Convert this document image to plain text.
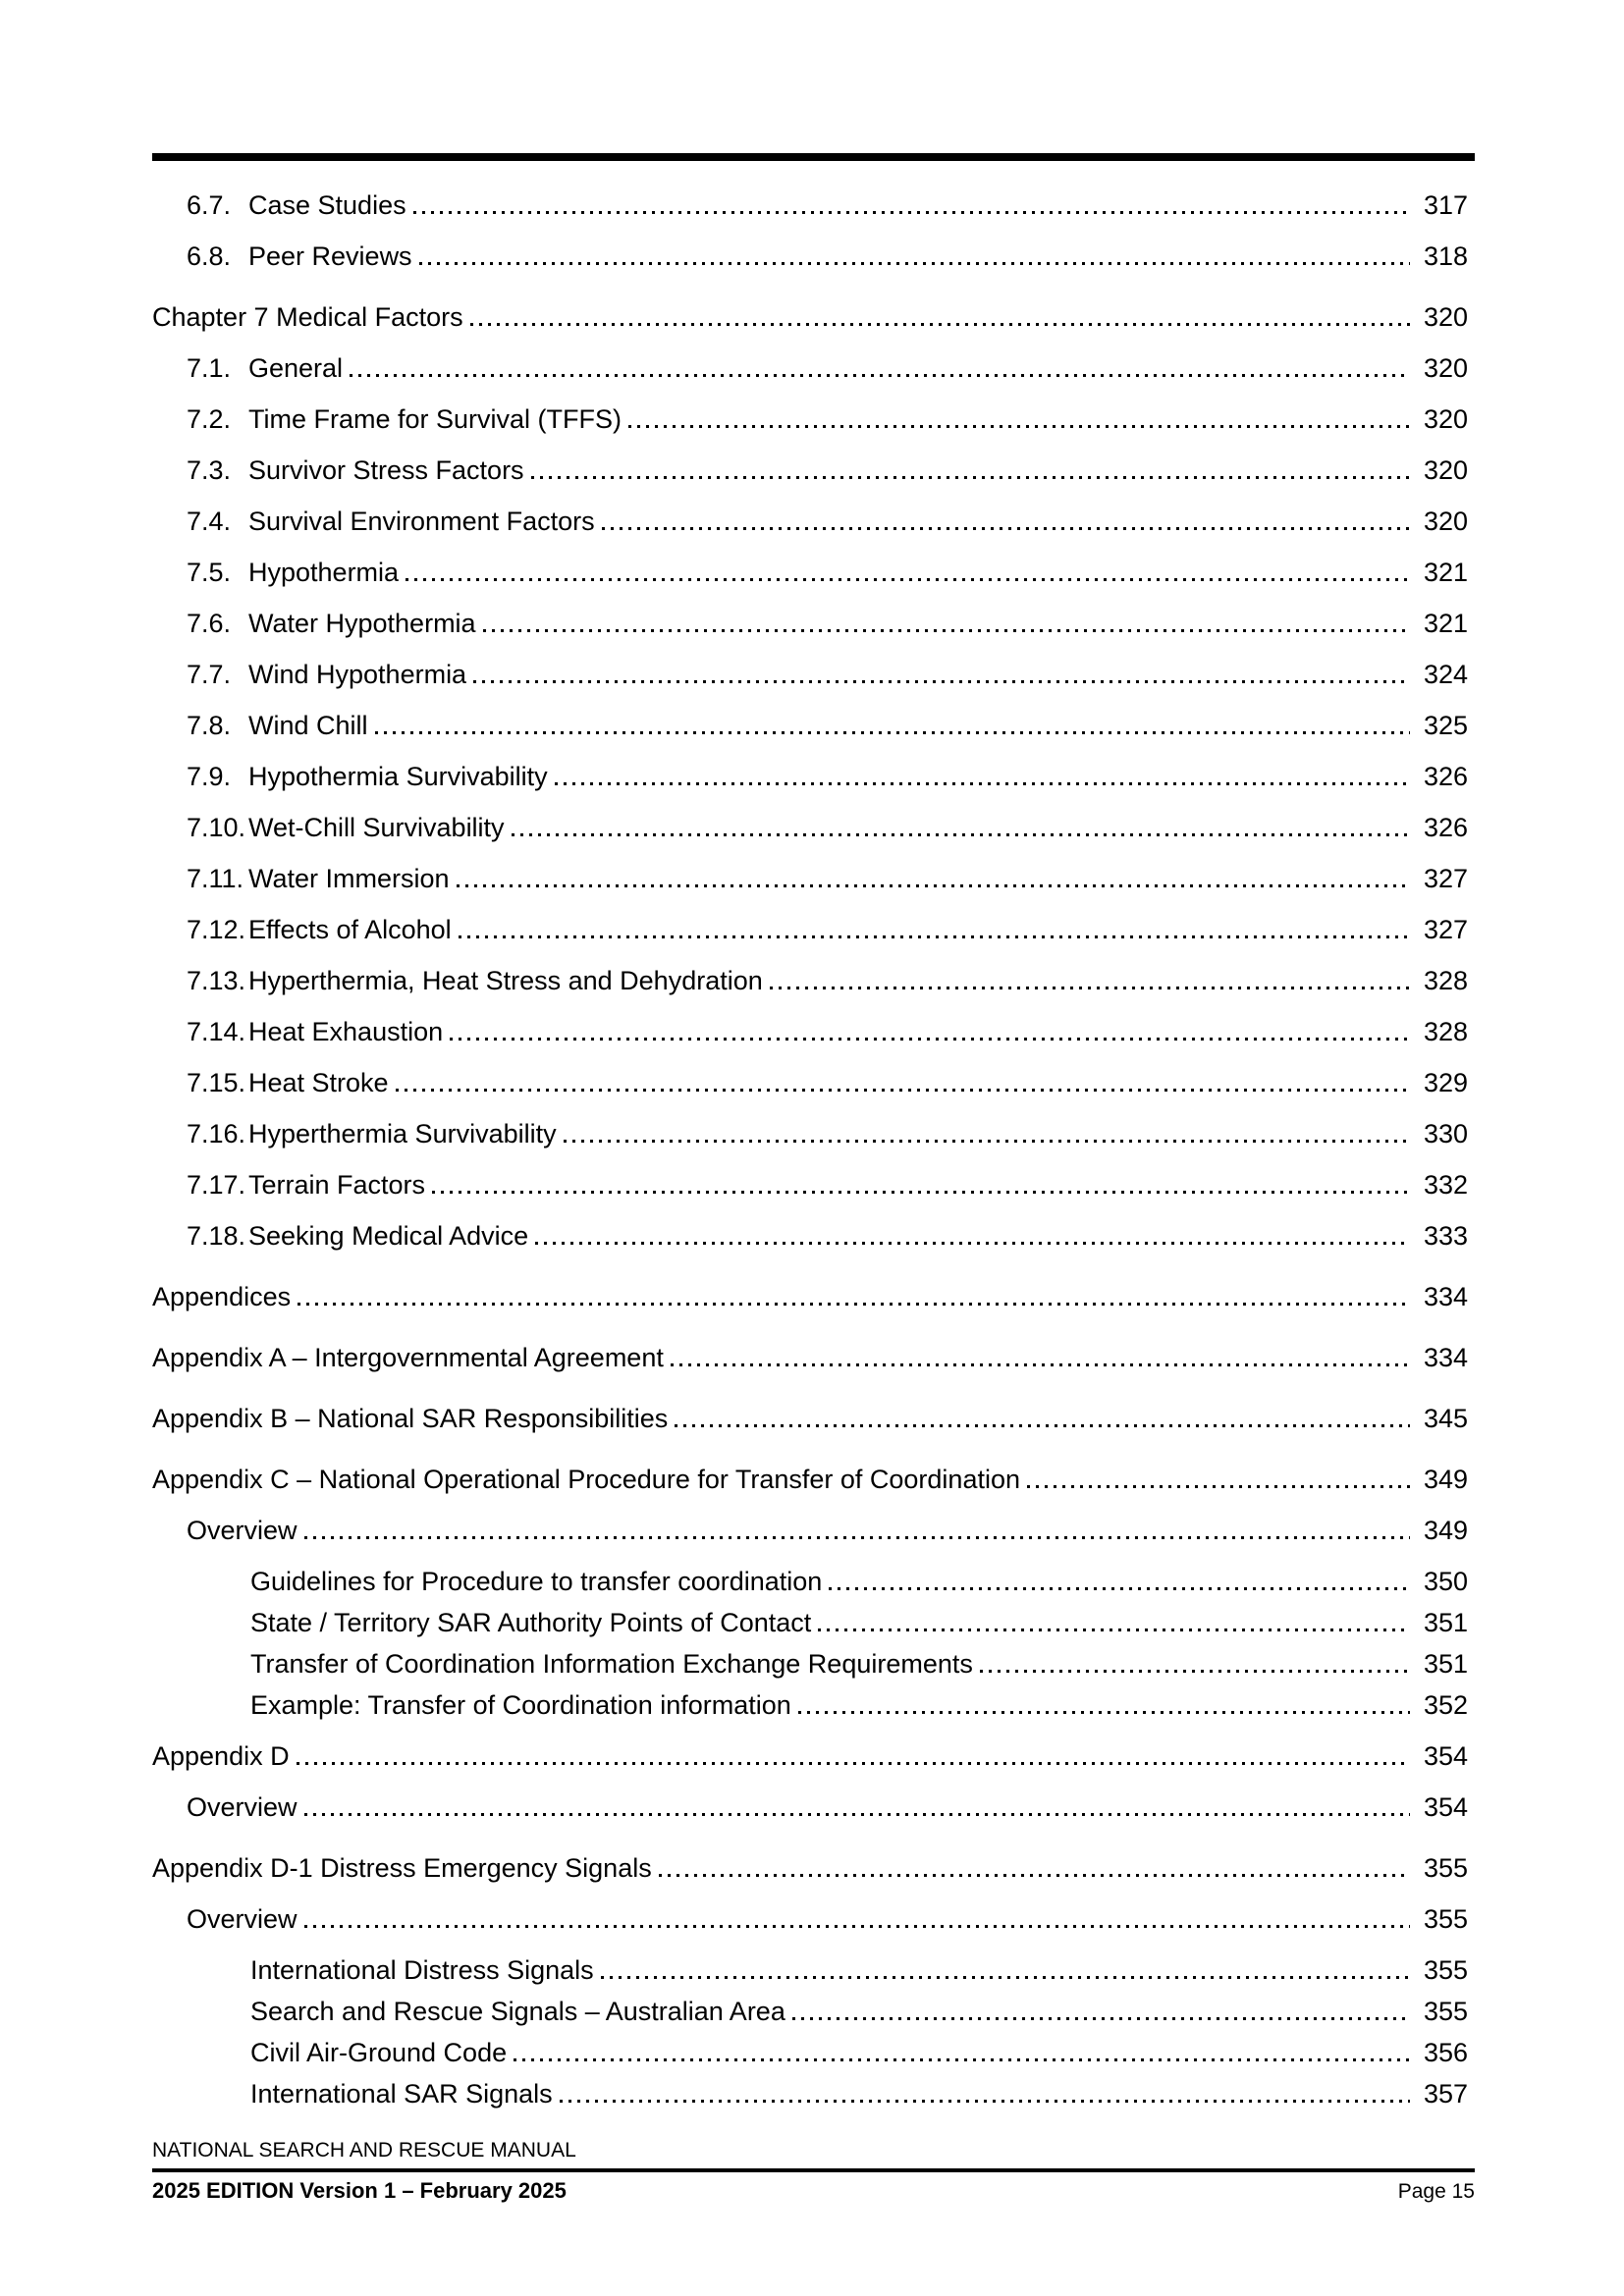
6.7. Case Studies	317
6.8. Peer Reviews	318
Chapter 7 Medical Factors	320
7.1. General	320
7.2. Time Frame for Survival (TFFS)	320
7.3. Survivor Stress Factors	320
7.4. Survival Environment Factors	320
7.5. Hypothermia	321
7.6. Water Hypothermia	321
7.7. Wind Hypothermia	324
7.8. Wind Chill	325
7.9. Hypothermia Survivability	326
7.10. Wet-Chill Survivability	326
7.11. Water Immersion	327
7.12. Effects of Alcohol	327
7.13. Hyperthermia, Heat Stress and Dehydration	328
7.14. Heat Exhaustion	328
7.15. Heat Stroke	329
7.16. Hyperthermia Survivability	330
7.17. Terrain Factors	332
7.18. Seeking Medical Advice	333
Appendices	334
Appendix A – Intergovernmental Agreement	334
Appendix B – National SAR Responsibilities	345
Appendix C – National Operational Procedure for Transfer of Coordination	349
Overview	349
Guidelines for Procedure to transfer coordination	350
State / Territory SAR Authority Points of Contact	351
Transfer of Coordination Information Exchange Requirements	351
Example: Transfer of Coordination information	352
Appendix D	354
Overview	354
Appendix D-1 Distress Emergency Signals	355
Overview	355
International Distress Signals	355
Search and Rescue Signals – Australian Area	355
Civil Air-Ground Code	356
International SAR Signals	357
NATIONAL SEARCH AND RESCUE MANUAL
2025 EDITION Version 1 – February 2025	Page 15
